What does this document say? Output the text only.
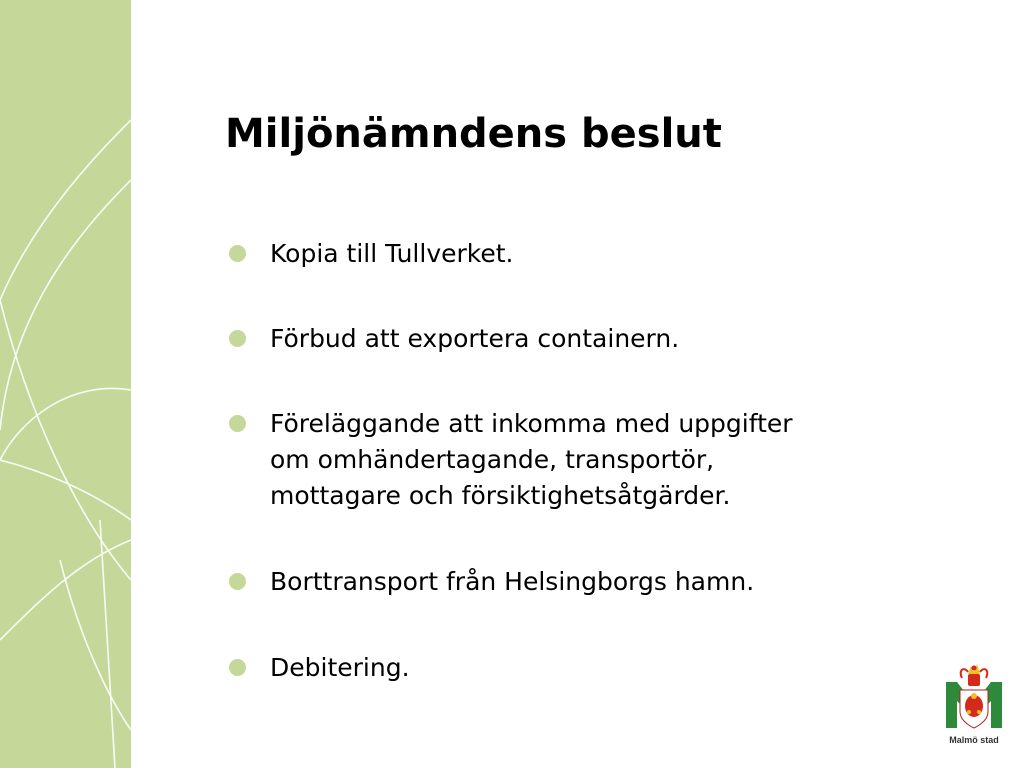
Miljönämndens beslut
Kopia till Tullverket.
Förbud att exportera containern.
Föreläggande att inkomma med uppgifter
om omhändertagande, transportör,
mottagare och försiktighetsåtgärder.
Borttransport från Helsingborgs hamn.
Debitering.
Malmö stad
